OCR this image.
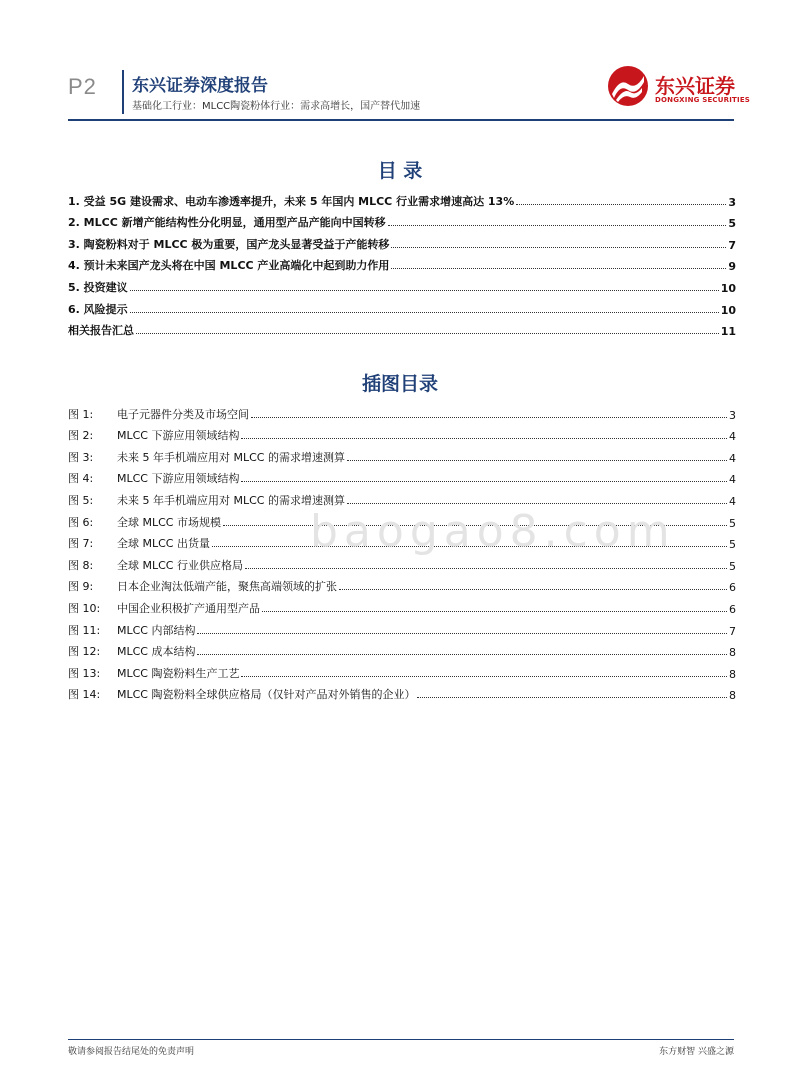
P2 东兴证券深度报告
基础化工行业：MLCC陶瓷粉体行业：需求高增长，国产替代加速
东兴证券
DONGXING SECURITIES
目 录
1. 受益 5G 建设需求、电动车渗透率提升，未来 5 年国内 MLCC 行业需求增速高达 13%	3
2. MLCC 新增产能结构性分化明显，通用型产品产能向中国转移	5
3. 陶瓷粉料对于 MLCC 极为重要，国产龙头显著受益于产能转移	7
4. 预计未来国产龙头将在中国 MLCC 产业高端化中起到助力作用	9
5. 投资建议	10
6. 风险提示	10
相关报告汇总	11
插图目录
图 1: 电子元器件分类及市场空间	3
图 2: MLCC 下游应用领域结构	4
图 3: 未来 5 年手机端应用对 MLCC 的需求增速测算	4
图 4: MLCC 下游应用领域结构	4
图 5: 未来 5 年手机端应用对 MLCC 的需求增速测算	4
图 6: 全球 MLCC 市场规模	5
图 7: 全球 MLCC 出货量	5
图 8: 全球 MLCC 行业供应格局	5
图 9: 日本企业淘汰低端产能，聚焦高端领域的扩张	6
图 10: 中国企业积极扩产通用型产品	6
图 11: MLCC 内部结构	7
图 12: MLCC 成本结构	8
图 13: MLCC 陶瓷粉料生产工艺	8
图 14: MLCC 陶瓷粉料全球供应格局（仅针对产品对外销售的企业）	8
baogao8.com
敬请参阅报告结尾处的免责声明	东方财智 兴盛之源
